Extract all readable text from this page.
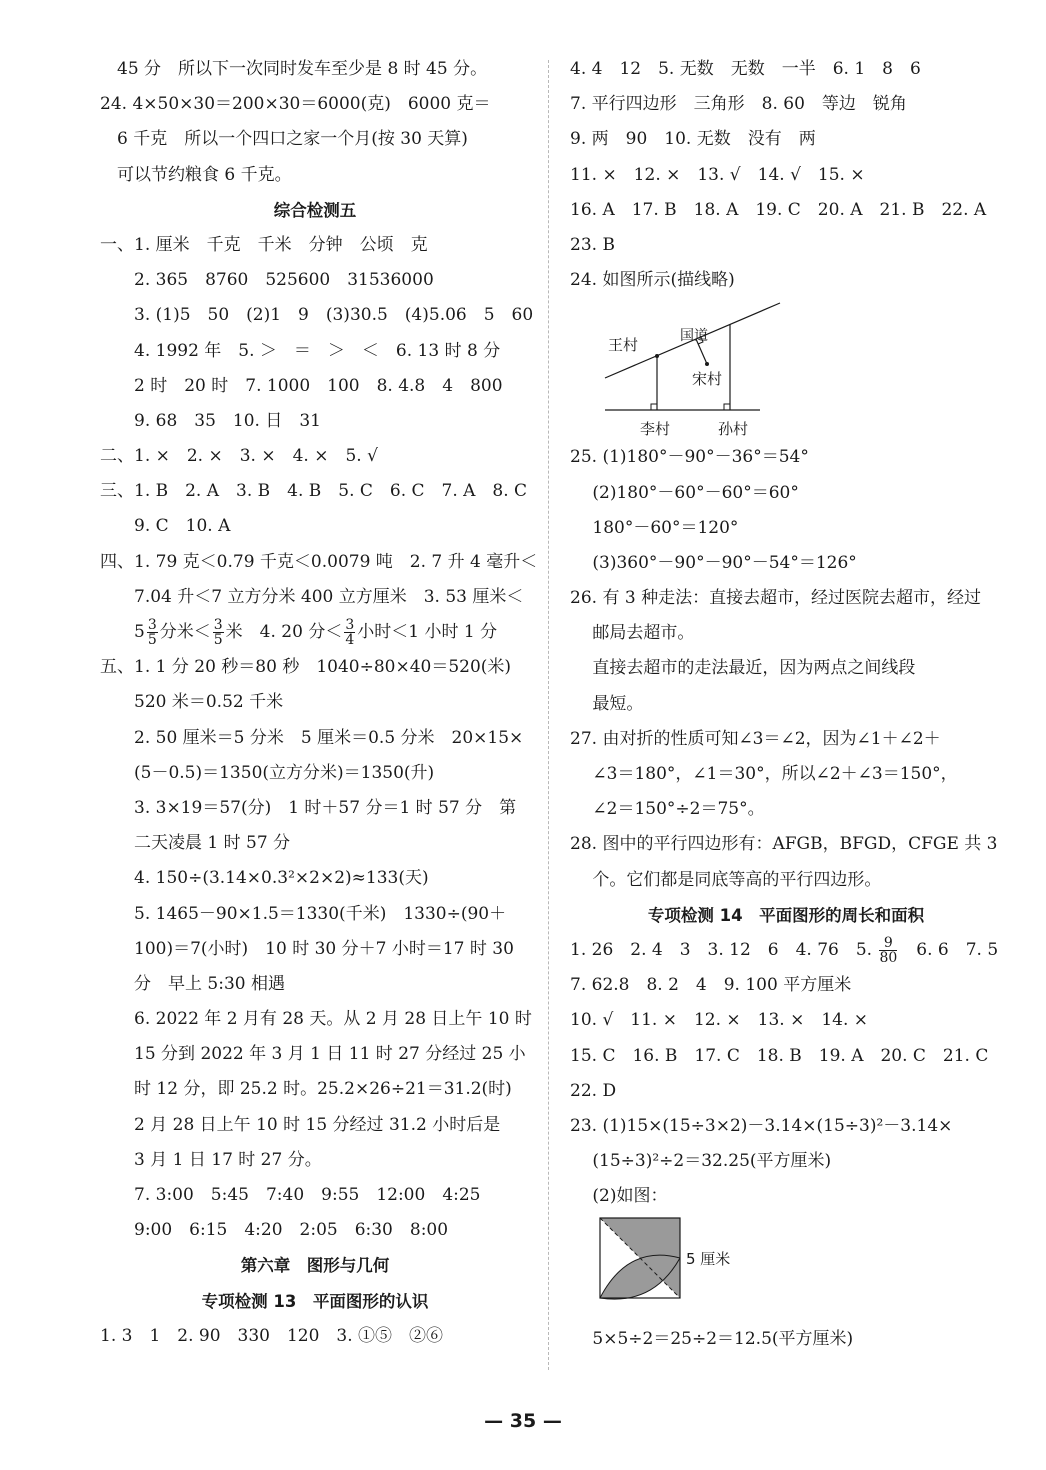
　45 分　所以下一次同时发车至少是 8 时 45 分。
24. 4×50×30＝200×30＝6000(克)　6000 克＝
　6 千克　所以一个四口之家一个月(按 30 天算)
　可以节约粮食 6 千克。
综合检测五
一、1. 厘米　千克　千米　分钟　公顷　克
　　2. 365　8760　525600　31536000
　　3. (1)5　50　(2)1　9　(3)30.5　(4)5.06　5　60
　　4. 1992 年　5. ＞　＝　＞　＜　6. 13 时 8 分
　　2 时　20 时　7. 1000　100　8. 4.8　4　800
　　9. 68　35　10. 日　31
二、1. ×　2. ×　3. ×　4. ×　5. √
三、1. B　2. A　3. B　4. B　5. C　6. C　7. A　8. C
　　9. C　10. A
四、1. 79 克＜0.79 千克＜0.0079 吨　2. 7 升 4 毫升＜
　　7.04 升＜7 立方分米 400 立方厘米　3. 53 厘米＜
　　$5 \frac{3}{5}$ 分米＜ $\frac{3}{5}$ 米　4. 20 分＜ $\frac{3}{4}$ 小时＜1 小时 1 分
五、1. 1 分 20 秒＝80 秒　1040÷80×40＝520(米)
　　520 米＝0.52 千米
　　2. 50 厘米＝5 分米　5 厘米＝0.5 分米　20×15×
　　(5－0.5)＝1350(立方分米)＝1350(升)
　　3. 3×19＝57(分)　1 时＋57 分＝1 时 57 分　第
　　二天凌晨 1 时 57 分
　　4. 150÷(3.14×0.3²×2×2)≈133(天)
　　5. 1465－90×1.5＝1330(千米)　1330÷(90＋
　　100)＝7(小时)　10 时 30 分＋7 小时＝17 时 30
　　分　早上 5:30 相遇
　　6. 2022 年 2 月有 28 天。从 2 月 28 日上午 10 时
　　15 分到 2022 年 3 月 1 日 11 时 27 分经过 25 小
　　时 12 分，即 25.2 时。25.2×26÷21＝31.2(时)
　　2 月 28 日上午 10 时 15 分经过 31.2 小时后是
　　3 月 1 日 17 时 27 分。
　　7. 3:00　5:45　7:40　9:55　12:00　4:25
　　9:00　6:15　4:20　2:05　6:30　8:00
第六章　图形与几何
专项检测 13　平面图形的认识
1. 3　1　2. 90　330　120　3. ①⑤　②⑥
4. 4　12　5. 无数　无数　一半　6. 1　8　6
7. 平行四边形　三角形　8. 60　等边　锐角
9. 两　90　10. 无数　没有　两
11. ×　12. ×　13. √　14. √　15. ×
16. A　17. B　18. A　19. C　20. A　21. B　22. A
23. B
24. 如图所示(描线略)
王村	国道
宋村
李村	孙村
25. (1)180°－90°－36°＝54°
　 (2)180°－60°－60°＝60°
　 180°－60°＝120°
　 (3)360°－90°－90°－54°＝126°
26. 有 3 种走法：直接去超市，经过医院去超市，经过
　 邮局去超市。
　 直接去超市的走法最近，因为两点之间线段
　 最短。
27. 由对折的性质可知∠3＝∠2，因为∠1＋∠2＋
　 ∠3＝180°，∠1＝30°，所以∠2＋∠3＝150°，
　 ∠2＝150°÷2＝75°。
28. 图中的平行四边形有：AFGB，BFGD，CFGE 共 3
　 个。它们都是同底等高的平行四边形。
专项检测 14　平面图形的周长和面积
1. 26　2. 4　3　3. 12　6　4. 76　5. $\frac{9}{80}$ 　6. 6　7. 5
7. 62.8　8. 2　4　9. 100 平方厘米
10. √　11. ×　12. ×　13. ×　14. ×
15. C　16. B　17. C　18. B　19. A　20. C　21. C
22. D
23. (1)15×(15÷3×2)－3.14×(15÷3)²－3.14×
　 (15÷3)²÷2＝32.25(平方厘米)
　 (2)如图：
5 厘米
　 5×5÷2＝25÷2＝12.5(平方厘米)
— 35 —
